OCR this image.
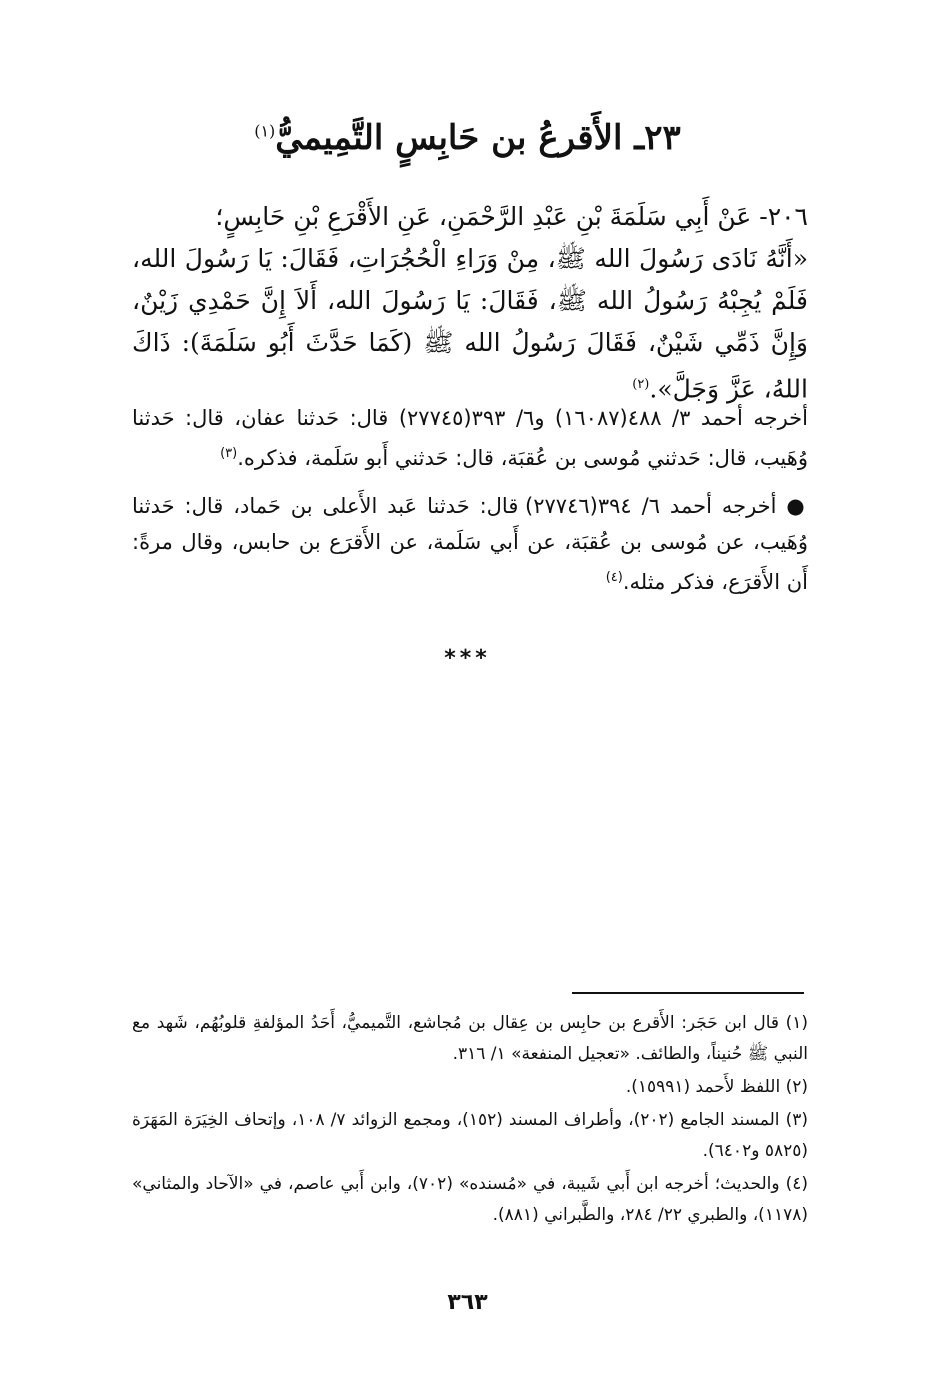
٢٣ـ الأَقرعُ بن حَابِسٍ التَّمِيميُّ$^{(١)}$

٢٠٦- عَنْ أَبِي سَلَمَةَ بْنِ عَبْدِ الرَّحْمَنِ، عَنِ الأَقْرَعِ بْنِ حَابِسٍ؛

«أَنَّهُ نَادَى رَسُولَ الله ﷺ، مِنْ وَرَاءِ الْحُجُرَاتِ، فَقَالَ: يَا رَسُولَ الله، فَلَمْ يُجِبْهُ رَسُولُ الله ﷺ، فَقَالَ: يَا رَسُولَ الله، أَلاَ إِنَّ حَمْدِي زَيْنٌ، وَإِنَّ ذَمِّي شَيْنٌ، فَقَالَ رَسُولُ الله ﷺ (كَمَا حَدَّثَ أَبُو سَلَمَةَ): ذَاكَ اللهُ، عَزَّ وَجَلَّ».$^{(٢)}$

أخرجه أحمد ٣/ ٤٨٨(١٦٠٨٧) و٦/ ٣٩٣(٢٧٧٤٥) قال: حَدثنا عفان، قال: حَدثنا وُهَيب، قال: حَدثني مُوسى بن عُقبَة، قال: حَدثني أَبو سَلَمة، فذكره.$^{(٣)}$

● أخرجه أحمد ٦/ ٣٩٤(٢٧٧٤٦) قال: حَدثنا عَبد الأَعلى بن حَماد، قال: حَدثنا وُهَيب، عن مُوسى بن عُقبَة، عن أَبي سَلَمة، عن الأَقرَع بن حابس، وقال مرةً: أَن الأَقرَع، فذكر مثله.$^{(٤)}$

***

(١) قال ابن حَجَر: الأَقرع بن حابِس بن عِقال بن مُجاشع، التَّميميُّ، أَحَدُ المؤلفةِ قلوبُهُم، شَهد مع النبي ﷺ حُنيناً، والطائف. «تعجيل المنفعة» ١/ ٣١٦.

(٢) اللفظ لأَحمد (١٥٩٩١).

(٣) المسند الجامع (٢٠٢)، وأطراف المسند (١٥٢)، ومجمع الزوائد ٧/ ١٠٨، وإتحاف الخِيَرَة المَهَرَة (٥٨٢٥ و٦٤٠٢).

(٤) والحديث؛ أخرجه ابن أَبي شَيبة، في «مُسنده» (٧٠٢)، وابن أَبي عاصم، في «الآحاد والمثاني» (١١٧٨)، والطبري ٢٢/ ٢٨٤، والطَّبراني (٨٨١).

٣٦٣
